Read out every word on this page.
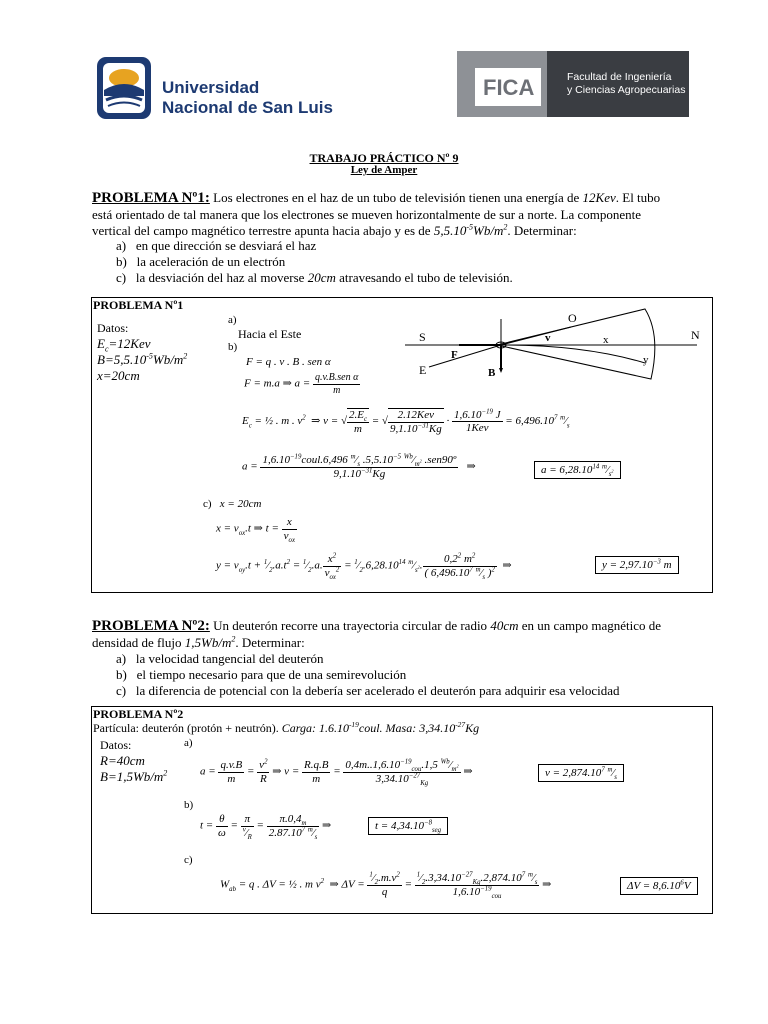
Universidad
Nacional de San Luis
FICA	Facultad de Ingeniería
y Ciencias Agropecuarias
TRABAJO PRÁCTICO Nº 9
Ley de Amper
PROBLEMA Nº1: Los electrones en el haz de un tubo de televisión tienen una energía de 12Kev. El tubo
está orientado de tal manera que los electrones se mueven horizontalmente de sur a norte. La componente
vertical del campo magnético terrestre apunta hacia abajo y es de $5,5.10^{-5}Wb/m^2$. Determinar:
a) en que dirección se desviará el haz
b) la aceleración de un electrón
c) la desviación del haz al moverse 20cm atravesando el tubo de televisión.
PROBLEMA Nº1
Datos:
$E_c=12Kev$
$B=5,5.10^{-5}Wb/m^2$
x=20cm
a)
Hacia el Este
b)
F = q . v . B . sen α
F = m.a ⇒ $a = \frac{\text{q.v.B.sen α}}{m}$
S	N
E
O
F
B
v	x
y
$E_c$ = ½ . m . $v^2$  ⇒ v = √ $\frac{2.E_c}{m}$ = √ $\frac{\text{2.12Kev}}{9,1.10^{-31}Kg} \cdot \frac{1,6.10^{-19} J}{\text{1Kev}} = 6,496.10^7$ $^m⁄_s$
$a = \frac{1,6.10^{-19}coul.6,496 ^m⁄_s .5,5.10^{-5} ^{Wb}⁄_{m^2} .sen90º}{9,1.10^{-31}Kg}$ ⇒	$a = 6,28.10^{14}$ $^m⁄_{s^2}$
c) x = 20cm
$x = v_{ox}.t$ ⇒ $t = \frac{x}{v_{ox}}$
$y = v_{oy}.t$ + $^1⁄_2.a.t^2$ = $^1⁄_2.a$. $\frac{x^2}{v_{ox}^2}$ = $^1⁄_2.6,28.10^{14}$ $^m⁄_{s^2}$. $\frac{0,2^2 m^2}{( 6,496.10^7 ^m⁄_s )^2}$ ⇒	$y = 2,97.10^{-3}$ m
PROBLEMA Nº2: Un deuterón recorre una trayectoria circular de radio 40cm en un campo magnético de
densidad de flujo $1,5Wb/m^2$. Determinar:
a) la velocidad tangencial del deuterón
b) el tiempo necesario para que de una semirevolución
c) la diferencia de potencial con la debería ser acelerado el deuterón para adquirir esa velocidad
PROBLEMA Nº2
Partícula: deuterón (protón + neutrón). Carga: $1.6.10^{-19}coul$. Masa: $3,34.10^{-27}Kg$
Datos:
R=40cm
$B=1,5Wb/m^2$
a)
$a = \frac{q.v.B}{m} = \frac{v^2}{R}$ ⇒ $v = \frac{R.q.B}{m} = \frac{0,4m..1,6.10^{-19}_{cou}.1,5 ^{Wb}⁄_{m^2}}{3,34.10^{-27}_{Kg}}$ ⇒	$v = 2,874.10^7$ $^m⁄_s$
b)
$t = \frac{\theta}{\omega} = \frac{\pi}{^v⁄_R} = \frac{\pi.0,4_m}{2.87.10^7 ^m⁄_s}$ ⇒	$t = 4,34.10^{-8}_{seg}$
c)
$W_{ab} = q$ . ΔV = ½ . m $v^2$  ⇒ $\Delta V = \frac{^1⁄_2.m.v^2}{q} = \frac{^1⁄_2.3,34.10^{-27}_{Kg}.2,874.10^7 ^m⁄_s}{1,6.10^{-19}_{cou}}$ ⇒	$\Delta V = 8,6.10^6V$
